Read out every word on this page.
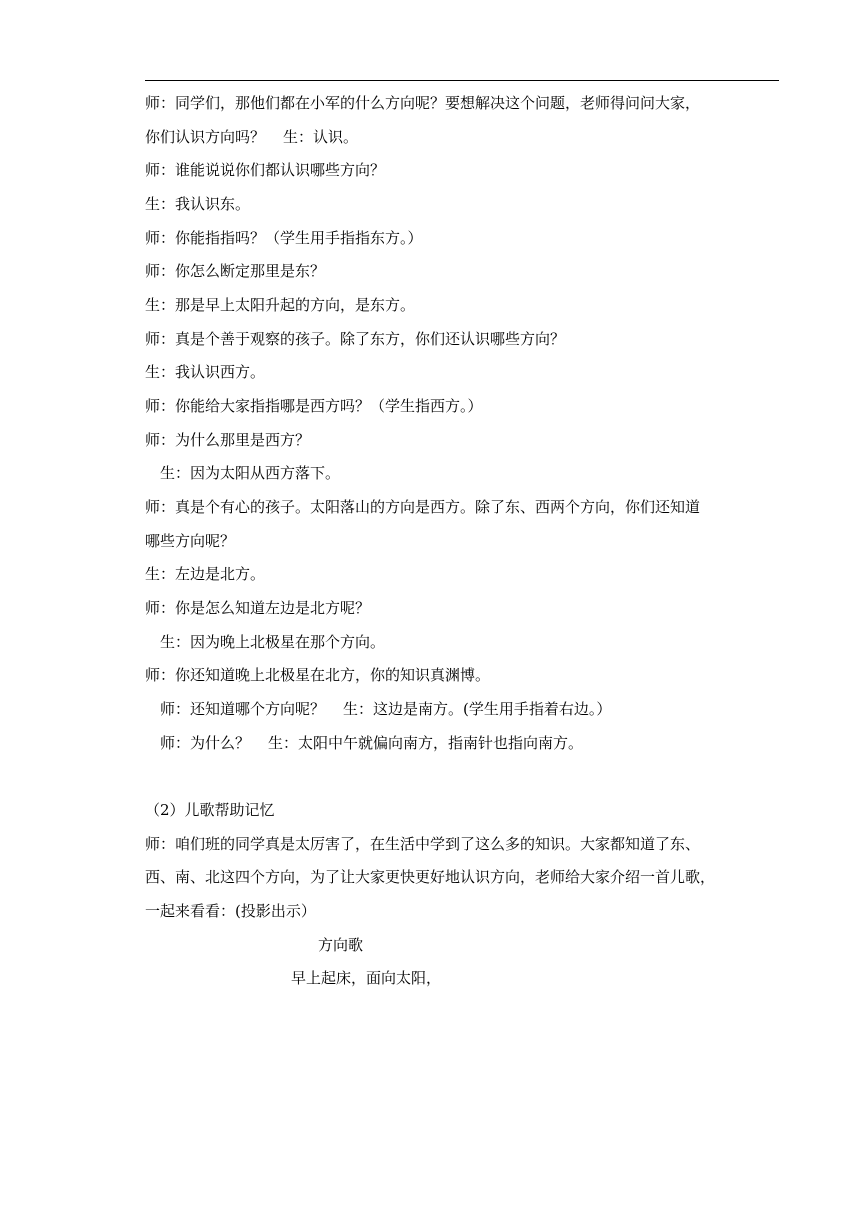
师：同学们，那他们都在小军的什么方向呢？要想解决这个问题，老师得问问大家，
你们认识方向吗？ 生：认识。
师：谁能说说你们都认识哪些方向？
生：我认识东。
师：你能指指吗？（学生用手指指东方。）
师：你怎么断定那里是东？
生：那是早上太阳升起的方向，是东方。
师：真是个善于观察的孩子。除了东方，你们还认识哪些方向？
生：我认识西方。
师：你能给大家指指哪是西方吗？（学生指西方。）
师：为什么那里是西方？
生：因为太阳从西方落下。
师：真是个有心的孩子。太阳落山的方向是西方。除了东、西两个方向，你们还知道
哪些方向呢？
生：左边是北方。
师：你是怎么知道左边是北方呢？
生：因为晚上北极星在那个方向。
师：你还知道晚上北极星在北方，你的知识真渊博。
师：还知道哪个方向呢？ 生：这边是南方。(学生用手指着右边。）
师：为什么？ 生：太阳中午就偏向南方，指南针也指向南方。
（2）儿歌帮助记忆
师：咱们班的同学真是太厉害了，在生活中学到了这么多的知识。大家都知道了东、
西、南、北这四个方向，为了让大家更快更好地认识方向，老师给大家介绍一首儿歌，
一起来看看：(投影出示）
方向歌
早上起床，面向太阳，
